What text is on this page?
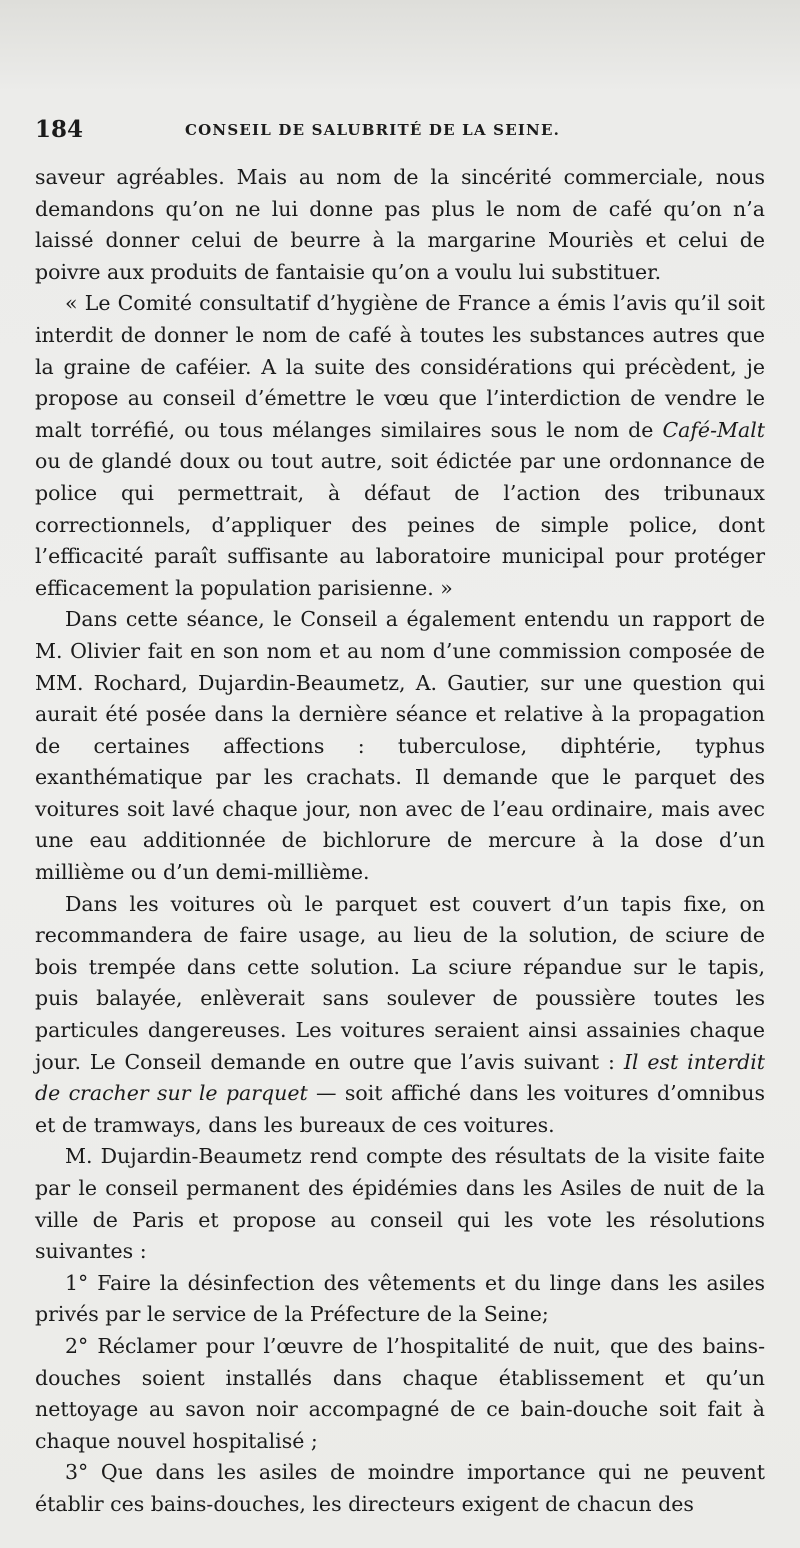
184	CONSEIL DE SALUBRITÉ DE LA SEINE.

saveur agréables. Mais au nom de la sincérité commerciale, nous demandons qu’on ne lui donne pas plus le nom de café qu’on n’a laissé donner celui de beurre à la margarine Mouriès et celui de poivre aux produits de fantaisie qu’on a voulu lui substituer.

« Le Comité consultatif d’hygiène de France a émis l’avis qu’il soit interdit de donner le nom de café à toutes les substances autres que la graine de caféier. A la suite des considérations qui précèdent, je propose au conseil d’émettre le vœu que l’interdiction de vendre le malt torréfié, ou tous mélanges similaires sous le nom de Café-Malt ou de glandé doux ou tout autre, soit édictée par une ordonnance de police qui permettrait, à défaut de l’action des tribunaux correctionnels, d’appliquer des peines de simple police, dont l’efficacité paraît suffisante au laboratoire municipal pour protéger efficacement la population parisienne. »

Dans cette séance, le Conseil a également entendu un rapport de M. Olivier fait en son nom et au nom d’une commission composée de MM. Rochard, Dujardin-Beaumetz, A. Gautier, sur une question qui aurait été posée dans la dernière séance et relative à la propagation de certaines affections : tuberculose, diphtérie, typhus exanthématique par les crachats. Il demande que le parquet des voitures soit lavé chaque jour, non avec de l’eau ordinaire, mais avec une eau additionnée de bichlorure de mercure à la dose d’un millième ou d’un demi-millième.

Dans les voitures où le parquet est couvert d’un tapis fixe, on recommandera de faire usage, au lieu de la solution, de sciure de bois trempée dans cette solution. La sciure répandue sur le tapis, puis balayée, enlèverait sans soulever de poussière toutes les particules dangereuses. Les voitures seraient ainsi assainies chaque jour. Le Conseil demande en outre que l’avis suivant : Il est interdit de cracher sur le parquet — soit affiché dans les voitures d’omnibus et de tramways, dans les bureaux de ces voitures.

M. Dujardin-Beaumetz rend compte des résultats de la visite faite par le conseil permanent des épidémies dans les Asiles de nuit de la ville de Paris et propose au conseil qui les vote les résolutions suivantes :

1° Faire la désinfection des vêtements et du linge dans les asiles privés par le service de la Préfecture de la Seine;

2° Réclamer pour l’œuvre de l’hospitalité de nuit, que des bains-douches soient installés dans chaque établissement et qu’un nettoyage au savon noir accompagné de ce bain-douche soit fait à chaque nouvel hospitalisé ;

3° Que dans les asiles de moindre importance qui ne peuvent établir ces bains-douches, les directeurs exigent de chacun des
